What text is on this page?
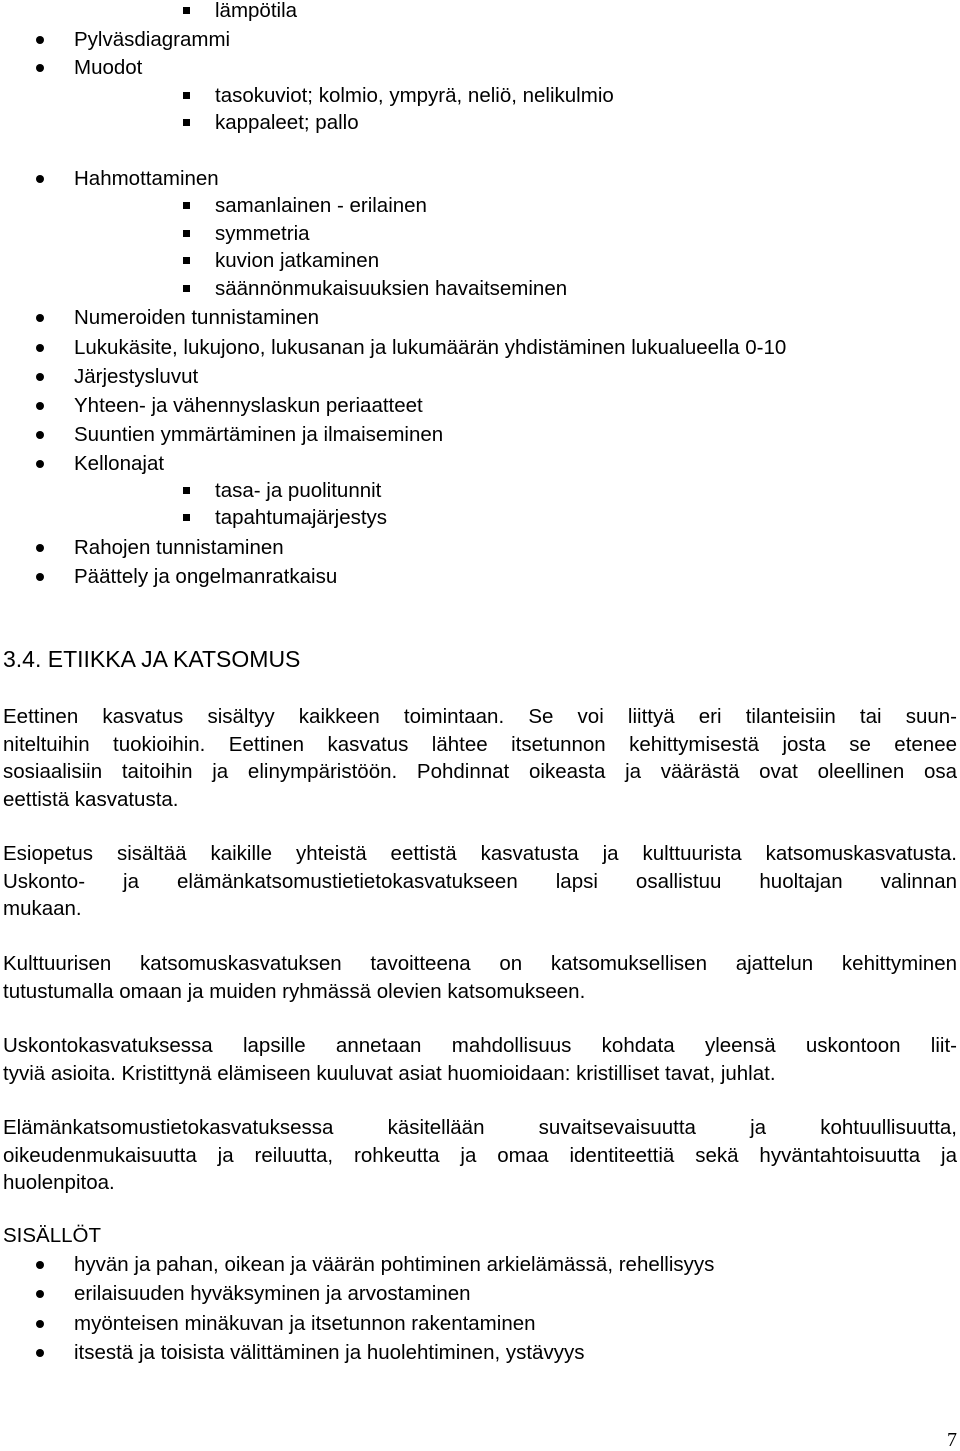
lämpötila
Pylväsdiagrammi
Muodot
tasokuviot; kolmio, ympyrä, neliö, nelikulmio
kappaleet; pallo
Hahmottaminen
samanlainen - erilainen
symmetria
kuvion jatkaminen
säännönmukaisuuksien havaitseminen
Numeroiden tunnistaminen
Lukukäsite, lukujono, lukusanan ja lukumäärän yhdistäminen lukualueella 0-10
Järjestysluvut
Yhteen- ja vähennyslaskun periaatteet
Suuntien ymmärtäminen ja ilmaiseminen
Kellonajat
tasa- ja puolitunnit
tapahtumajärjestys
Rahojen tunnistaminen
Päättely ja ongelmanratkaisu
3.4. ETIIKKA JA KATSOMUS
Eettinen kasvatus sisältyy kaikkeen toimintaan. Se voi liittyä eri tilanteisiin tai suun-
niteltuihin tuokioihin. Eettinen kasvatus lähtee itsetunnon kehittymisestä josta se etenee
sosiaalisiin taitoihin ja elinympäristöön. Pohdinnat oikeasta ja väärästä ovat oleellinen osa
eettistä kasvatusta.
Esiopetus sisältää kaikille yhteistä eettistä kasvatusta ja kulttuurista katsomuskasvatusta.
Uskonto- ja elämänkatsomustietietokasvatukseen lapsi osallistuu huoltajan valinnan
mukaan.
Kulttuurisen katsomuskasvatuksen tavoitteena on katsomuksellisen ajattelun kehittyminen
tutustumalla omaan ja muiden ryhmässä olevien katsomukseen.
Uskontokasvatuksessa lapsille annetaan mahdollisuus kohdata yleensä uskontoon liit-
tyviä asioita. Kristittynä elämiseen kuuluvat asiat huomioidaan: kristilliset tavat, juhlat.
Elämänkatsomustietokasvatuksessa käsitellään suvaitsevaisuutta ja kohtuullisuutta,
oikeudenmukaisuutta ja reiluutta, rohkeutta ja omaa identiteettiä sekä hyväntahtoisuutta ja
huolenpitoa.
SISÄLLÖT
hyvän ja pahan, oikean ja väärän pohtiminen arkielämässä, rehellisyys
erilaisuuden hyväksyminen ja arvostaminen
myönteisen minäkuvan ja itsetunnon rakentaminen
itsestä ja toisista välittäminen ja huolehtiminen, ystävyys
7
